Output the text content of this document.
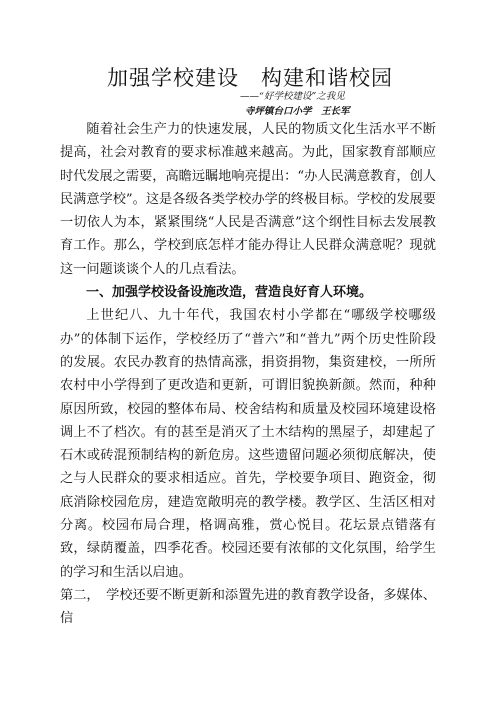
加强学校建设　构建和谐校园
——“好学校建设”之我见
寺坪镇台口小学　王长军

随着社会生产力的快速发展，人民的物质文化生活水平不断提高，社会对教育的要求标准越来越高。为此，国家教育部顺应时代发展之需要，高瞻远瞩地响亮提出：“办人民满意教育，创人民满意学校”。这是各级各类学校办学的终极目标。学校的发展要一切依人为本，紧紧围绕“人民是否满意”这个纲性目标去发展教育工作。那么，学校到底怎样才能办得让人民群众满意呢？现就这一问题谈谈个人的几点看法。

一、加强学校设备设施改造，营造良好育人环境。

上世纪八、九十年代，我国农村小学都在“哪级学校哪级办”的体制下运作，学校经历了“普六”和“普九”两个历史性阶段的发展。农民办教育的热情高涨，捐资捐物，集资建校，一所所农村中小学得到了更改造和更新，可谓旧貌换新颜。然而，种种原因所致，校园的整体布局、校舍结构和质量及校园环境建设格调上不了档次。有的甚至是消灭了土木结构的黑屋子，却建起了石木或砖混预制结构的新危房。这些遗留问题必须彻底解决，使之与人民群众的要求相适应。首先，学校要争项目、跑资金，彻底消除校园危房，建造宽敞明亮的教学楼。教学区、生活区相对分离。校园布局合理，格调高雅，赏心悦目。花坛景点错落有致，绿荫覆盖，四季花香。校园还要有浓郁的文化氛围，给学生的学习和生活以启迪。

第二，　学校还要不断更新和添置先进的教育教学设备，多媒体、信
